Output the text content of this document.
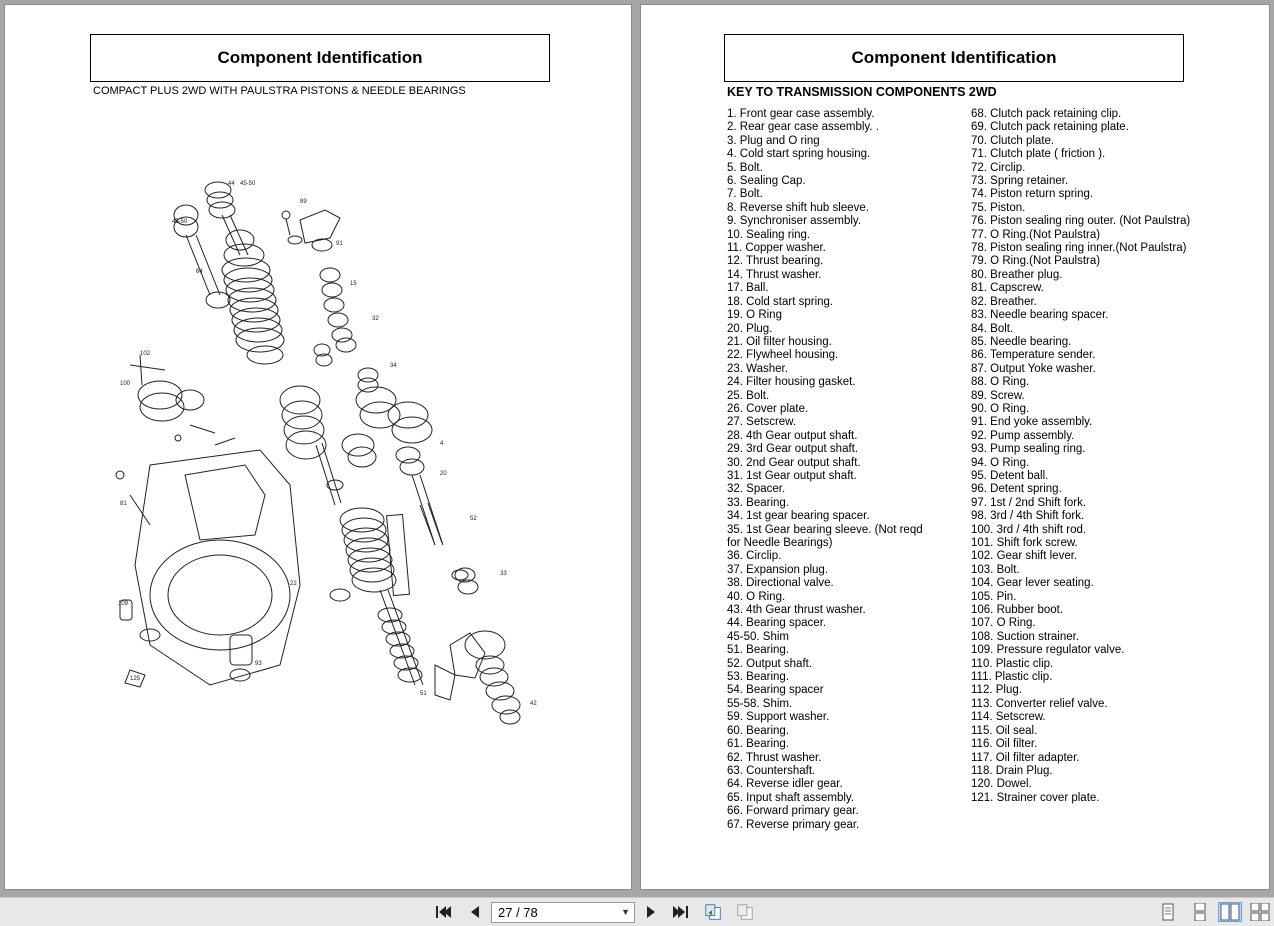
Component Identification
COMPACT PLUS 2WD WITH PAULSTRA PISTONS & NEEDLE BEARINGS
45-50
44 45-50
64
89
91
15
32
34
4
20
52
33
102
100
81
109
125
22
93
42
51
Component Identification
KEY TO TRANSMISSION COMPONENTS 2WD
1. Front gear case assembly.
2. Rear gear case assembly. .
3. Plug and O ring
4. Cold start spring housing.
5. Bolt.
6. Sealing Cap.
7. Bolt.
8. Reverse shift hub sleeve.
9. Synchroniser assembly.
10. Sealing ring.
11. Copper washer.
12. Thrust bearing.
14. Thrust washer.
17. Ball.
18. Cold start spring.
19. O Ring
20. Plug.
21. Oil filter housing.
22. Flywheel housing.
23. Washer.
24. Filter housing gasket.
25. Bolt.
26. Cover plate.
27. Setscrew.
28. 4th Gear output shaft.
29. 3rd Gear output shaft.
30. 2nd Gear output shaft.
31. 1st Gear output shaft.
32. Spacer.
33. Bearing.
34. 1st gear bearing spacer.
35. 1st Gear bearing sleeve. (Not reqd
for Needle Bearings)
36. Circlip.
37. Expansion plug.
38. Directional valve.
40. O Ring.
43. 4th Gear thrust washer.
44. Bearing spacer.
45-50. Shim
51. Bearing.
52. Output shaft.
53. Bearing.
54. Bearing spacer
55-58. Shim.
59. Support washer.
60. Bearing.
61. Bearing.
62. Thrust washer.
63. Countershaft.
64. Reverse idler gear.
65. Input shaft assembly.
66. Forward primary gear.
67. Reverse primary gear.
68. Clutch pack retaining clip.
69. Clutch pack retaining plate.
70. Clutch plate.
71. Clutch plate ( friction ).
72. Circlip.
73. Spring retainer.
74. Piston return spring.
75. Piston.
76. Piston sealing ring outer. (Not Paulstra)
77. O Ring.(Not Paulstra)
78. Piston sealing ring inner.(Not Paulstra)
79. O Ring.(Not Paulstra)
80. Breather plug.
81. Capscrew.
82. Breather.
83. Needle bearing spacer.
84. Bolt.
85. Needle bearing.
86. Temperature sender.
87. Output Yoke washer.
88. O Ring.
89. Screw.
90. O Ring.
91. End yoke assembly.
92. Pump assembly.
93. Pump sealing ring.
94. O Ring.
95. Detent ball.
96. Detent spring.
97. 1st / 2nd Shift fork.
98. 3rd / 4th Shift fork.
100. 3rd / 4th shift rod.
101. Shift fork screw.
102. Gear shift lever.
103. Bolt.
104. Gear lever seating.
105. Pin.
106. Rubber boot.
107. O Ring.
108. Suction strainer.
109. Pressure regulator valve.
110. Plastic clip.
111. Plastic clip.
112. Plug.
113. Converter relief valve.
114. Setscrew.
115. Oil seal.
116. Oil filter.
117. Oil filter adapter.
118. Drain Plug.
120. Dowel.
121. Strainer cover plate.
27 / 78	▼
